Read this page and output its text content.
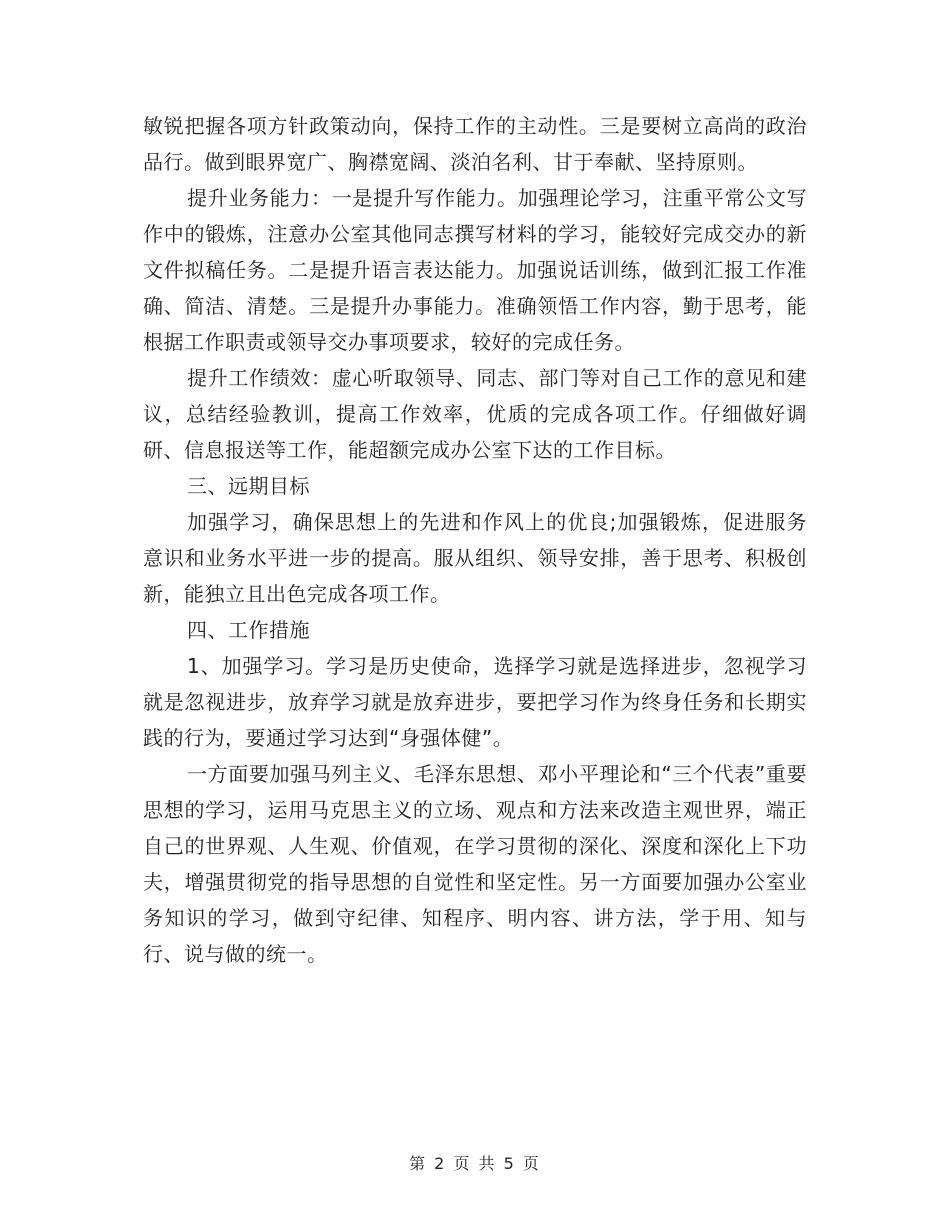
敏锐把握各项方针政策动向，保持工作的主动性。三是要树立高尚的政治品行。做到眼界宽广、胸襟宽阔、淡泊名利、甘于奉献、坚持原则。

提升业务能力：一是提升写作能力。加强理论学习，注重平常公文写作中的锻炼，注意办公室其他同志撰写材料的学习，能较好完成交办的新文件拟稿任务。二是提升语言表达能力。加强说话训练，做到汇报工作准确、简洁、清楚。三是提升办事能力。准确领悟工作内容，勤于思考，能根据工作职责或领导交办事项要求，较好的完成任务。

提升工作绩效：虚心听取领导、同志、部门等对自己工作的意见和建议，总结经验教训，提高工作效率，优质的完成各项工作。仔细做好调研、信息报送等工作，能超额完成办公室下达的工作目标。

三、远期目标

加强学习，确保思想上的先进和作风上的优良;加强锻炼，促进服务意识和业务水平进一步的提高。服从组织、领导安排，善于思考、积极创新，能独立且出色完成各项工作。

四、工作措施

1、加强学习。学习是历史使命，选择学习就是选择进步，忽视学习就是忽视进步，放弃学习就是放弃进步，要把学习作为终身任务和长期实践的行为，要通过学习达到“身强体健”。

一方面要加强马列主义、毛泽东思想、邓小平理论和“三个代表”重要思想的学习，运用马克思主义的立场、观点和方法来改造主观世界，端正自己的世界观、人生观、价值观，在学习贯彻的深化、深度和深化上下功夫，增强贯彻党的指导思想的自觉性和坚定性。另一方面要加强办公室业务知识的学习，做到守纪律、知程序、明内容、讲方法，学于用、知与行、说与做的统一。

第 2 页 共 5 页
